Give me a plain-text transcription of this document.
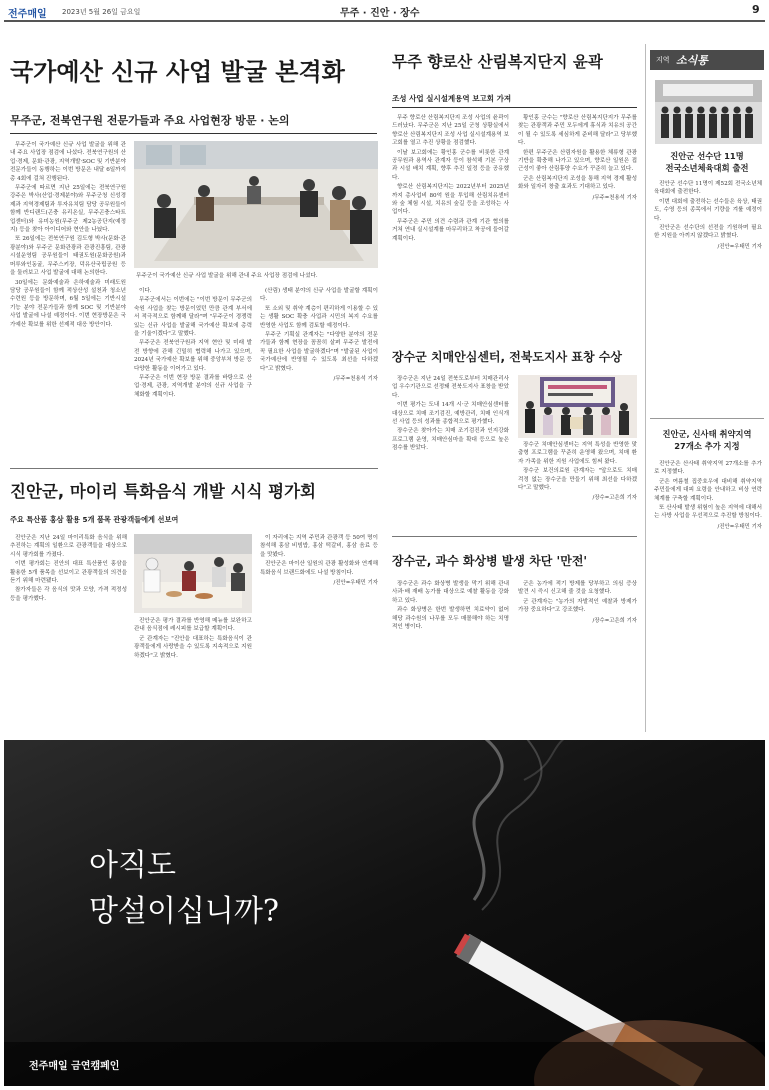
전주매일 2023년 5월 26일 금요일	무주 · 진안 · 장수	9
국가예산 신규 사업 발굴 본격화
무주군, 전북연구원 전문가들과 주요 사업현장 방문 · 논의

무주군이 국가예산 신규 사업 발굴을 위해 관내 주요 사업장 점검에 나섰다. 전북연구원의 산업·경제, 문화·관광, 지역개발·SOC 및 기반분야 전문가들이 동행하는 이번 방문은 내달 6일까지 총 4회에 걸쳐 진행된다.

무주군에 따르면 지난 25일에는 전북연구원 강주은 박사(산업·경제분야)와 무주군청 신성경제과 지역경제팀과 투자유치팀 담당 공무원들이 함께 반디랜드(곤충 유리온실, 무주곤충스타트업센터)와 유미농원(무주군 제2농공단지(예정지) 등을 찾아 아이디어와 현안을 나눴다.

또 26일에는 전북연구원 김도형 박사(문화·관광분야)와 무주군 문화관광과 관광진흥팀, 관광시설운영팀 공무원들이 태권도원(문화공원)과 머루와인동굴, 무주스키장, 덕유산국립공원 등을 둘러보고 사업 발굴에 대해 논의한다.

30일에는 문화예술과 은하예술과 미래도원 담당 공무원들이 함께 적상산성 설천과 청소년수련원 등을 방문하며, 6월 5일에는 기반시설 기능 분야 전문가들과 함께 SOC 및 기반분야 사업 발굴에 나설 예정이다. 이번 현장방문은 국가예산 확보를 위한 선제적 대응 방안이다.

무주군이 국가예산 신규 사업 발굴을 위해 관내 주요 사업장 점검에 나섰다.

이다.

무주군에서는 이번에는 "이번 방문이 무주군의 숙원 사업을 찾는 방문이었던 만큼 관계 부서에서 적극적으로 함께해 달라"며 "무주군이 경쟁력 있는 신규 사업을 발굴해 국가예산 확보에 총력을 기울이겠다"고 말했다.

무주군은 전북연구원과 지역 현안 및 미래 발전 방향에 관해 긴밀히 협력해 나가고 있으며, 2024년 국가예산 확보를 위해 중앙부처 방문 등 다양한 활동을 이어가고 있다.

무주군은 이번 현장 방문 결과를 바탕으로 산업·경제, 관광, 지역개발 분야의 신규 사업을 구체화할 계획이다.

(산림) 생태 분야의 신규 사업을 발굴할 계획이다.

또 소외 및 취약 계층이 편리하게 이용할 수 있는 생활 SOC 확충 사업과 시민의 복지 수요를 반영한 사업도 함께 검토할 예정이다.

무주군 기획실 관계자는 "다양한 분야의 전문가들과 함께 현장을 꼼꼼히 살펴 무주군 발전에 꼭 필요한 사업을 발굴하겠다"며 "발굴된 사업이 국가예산에 반영될 수 있도록 최선을 다하겠다"고 밝혔다.

/무주=천용석 기자
무주 향로산 산림복지단지 윤곽
조성 사업 실시설계용역 보고회 가져

무주 향로산 산림복지단지 조성 사업의 윤곽이 드러났다. 무주군은 지난 25일 군청 상황실에서 향로산 산림복지단지 조성 사업 실시설계용역 보고회를 열고 추진 상황을 점검했다.

이날 보고회에는 황인홍 군수를 비롯한 관계 공무원과 용역사 관계자 등이 참석해 기본 구상과 시설 배치 계획, 향후 추진 일정 등을 공유했다.

향로산 산림복지단지는 2022년부터 2025년까지 총사업비 80억 원을 투입해 산림치유센터와 숲 체험 시설, 치유의 숲길 등을 조성하는 사업이다.

무주군은 주민 의견 수렴과 관계 기관 협의를 거쳐 연내 실시설계를 마무리하고 착공에 들어갈 계획이다.

황인홍 군수는 "향로산 산림복지단지가 무주를 찾는 관광객과 주민 모두에게 휴식과 치유의 공간이 될 수 있도록 세심하게 준비해 달라"고 당부했다.

한편 무주군은 산림자원을 활용한 체류형 관광 기반을 확충해 나가고 있으며, 향로산 일원은 접근성이 좋아 산림휴양 수요가 꾸준히 늘고 있다.

군은 산림복지단지 조성을 통해 지역 경제 활성화와 일자리 창출 효과도 기대하고 있다.

/무주=천용석 기자
장수군 치매안심센터, 전북도지사 표창 수상

장수군은 지난 24일 전북도로부터 치매관리사업 우수기관으로 선정돼 전북도지사 표창을 받았다.

이번 평가는 도내 14개 시·군 치매안심센터를 대상으로 치매 조기검진, 예방관리, 치매 인식개선 사업 등의 성과를 종합적으로 평가했다.

장수군은 찾아가는 치매 조기검진과 인지강화 프로그램 운영, 치매안심마을 확대 등으로 높은 점수를 받았다.

장수군 치매안심센터는 지역 특성을 반영한 맞춤형 프로그램을 꾸준히 운영해 왔으며, 치매 환자 가족을 위한 지원 사업에도 힘써 왔다.

장수군 보건의료원 관계자는 "앞으로도 치매 걱정 없는 장수군을 만들기 위해 최선을 다하겠다"고 말했다.

/장수=고은희 기자
진안군, 마이리 특화음식 개발 시식 평가회
주요 특산품 홍삼 활용 5개 품목 관광객들에게 선보여

진안군은 지난 24일 마이리특화 음식을 위해 추진하는 계획의 일환으로 관광객들을 대상으로 시식 평가회를 가졌다.

이번 평가회는 진안의 대표 특산품인 홍삼을 활용한 5개 품목을 선보이고 관광객들의 의견을 듣기 위해 마련됐다.

참가자들은 각 음식의 맛과 모양, 가격 적정성 등을 평가했다.

진안군은 평가 결과를 반영해 메뉴를 보완하고 관내 음식점에 레시피를 보급할 계획이다.

군 관계자는 "진안을 대표하는 특화음식이 관광객들에게 사랑받을 수 있도록 지속적으로 지원하겠다"고 밝혔다.

이 자리에는 지역 주민과 관광객 등 50여 명이 참석해 홍삼 비빔밥, 홍삼 떡갈비, 홍삼 음료 등을 맛봤다.

진안군은 마이산 일원의 관광 활성화와 연계해 특화음식 브랜드화에도 나설 방침이다.

/진안=우태민 기자
장수군, 과수 화상병 발생 차단 '만전'

장수군은 과수 화상병 발생을 막기 위해 관내 사과·배 재배 농가를 대상으로 예찰 활동을 강화하고 있다.

과수 화상병은 한번 발생하면 치료약이 없어 해당 과수원의 나무를 모두 매몰해야 하는 치명적인 병이다.

군은 농가에 적기 방제를 당부하고 의심 증상 발견 시 즉시 신고해 줄 것을 요청했다.

군 관계자는 "농가의 자발적인 예찰과 방제가 가장 중요하다"고 강조했다.

/장수=고은희 기자
지역 소식통
진안군 선수단 11명
전국소년체육대회 출전

진안군 선수단 11명이 제52회 전국소년체육대회에 출전한다.

이번 대회에 출전하는 선수들은 육상, 태권도, 수영 등의 종목에서 기량을 겨룰 예정이다.

진안군은 선수단의 선전을 기원하며 필요한 지원을 아끼지 않겠다고 밝혔다.

/진안=우태민 기자
진안군, 신사태 취약지역
27개소 추가 지정

진안군은 산사태 취약지역 27개소를 추가로 지정했다.

군은 여름철 집중호우에 대비해 취약지역 주민들에게 대피 요령을 안내하고 비상 연락 체계를 구축할 계획이다.

또 산사태 발생 위험이 높은 지역에 대해서는 사방 사업을 우선적으로 추진할 방침이다.

/진안=우태민 기자
아직도
망설이십니까?
전주매일 금연캠페인
